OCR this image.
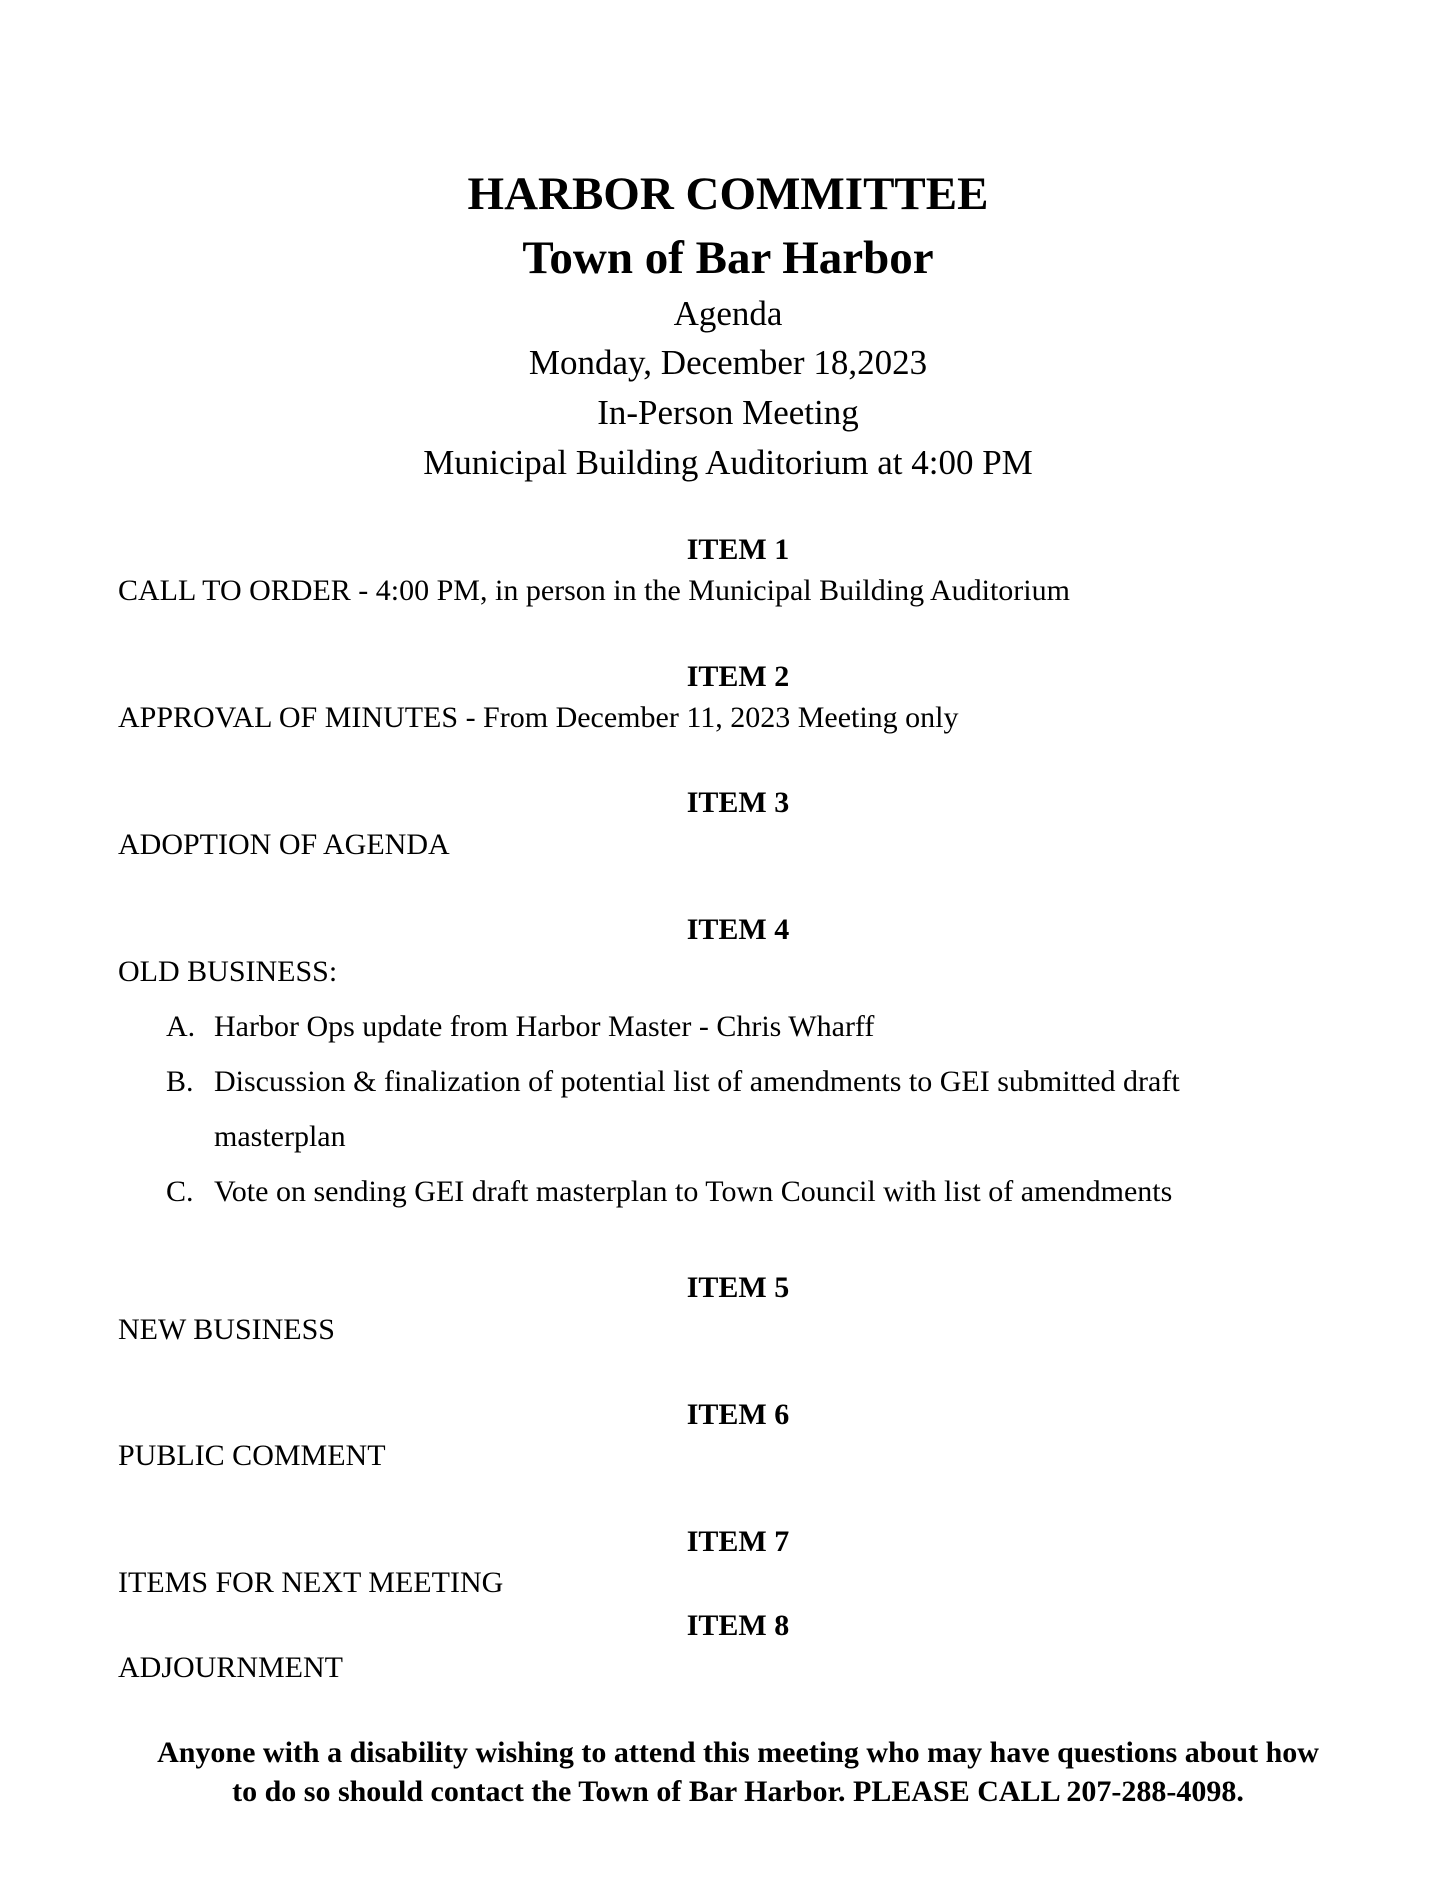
HARBOR COMMITTEE
Town of Bar Harbor
Agenda
Monday, December 18,2023
In-Person Meeting
Municipal Building Auditorium at 4:00 PM
ITEM 1
CALL TO ORDER - 4:00 PM, in person in the Municipal Building Auditorium
ITEM 2
APPROVAL OF MINUTES - From December 11, 2023 Meeting only
ITEM 3
ADOPTION OF AGENDA
ITEM 4
OLD BUSINESS:
A. Harbor Ops update from Harbor Master - Chris Wharff
B. Discussion & finalization of potential list of amendments to GEI submitted draft
masterplan
C. Vote on sending GEI draft masterplan to Town Council with list of amendments
ITEM 5
NEW BUSINESS
ITEM 6
PUBLIC COMMENT
ITEM 7
ITEMS FOR NEXT MEETING
ITEM 8
ADJOURNMENT
Anyone with a disability wishing to attend this meeting who may have questions about how
to do so should contact the Town of Bar Harbor. PLEASE CALL 207-288-4098.
